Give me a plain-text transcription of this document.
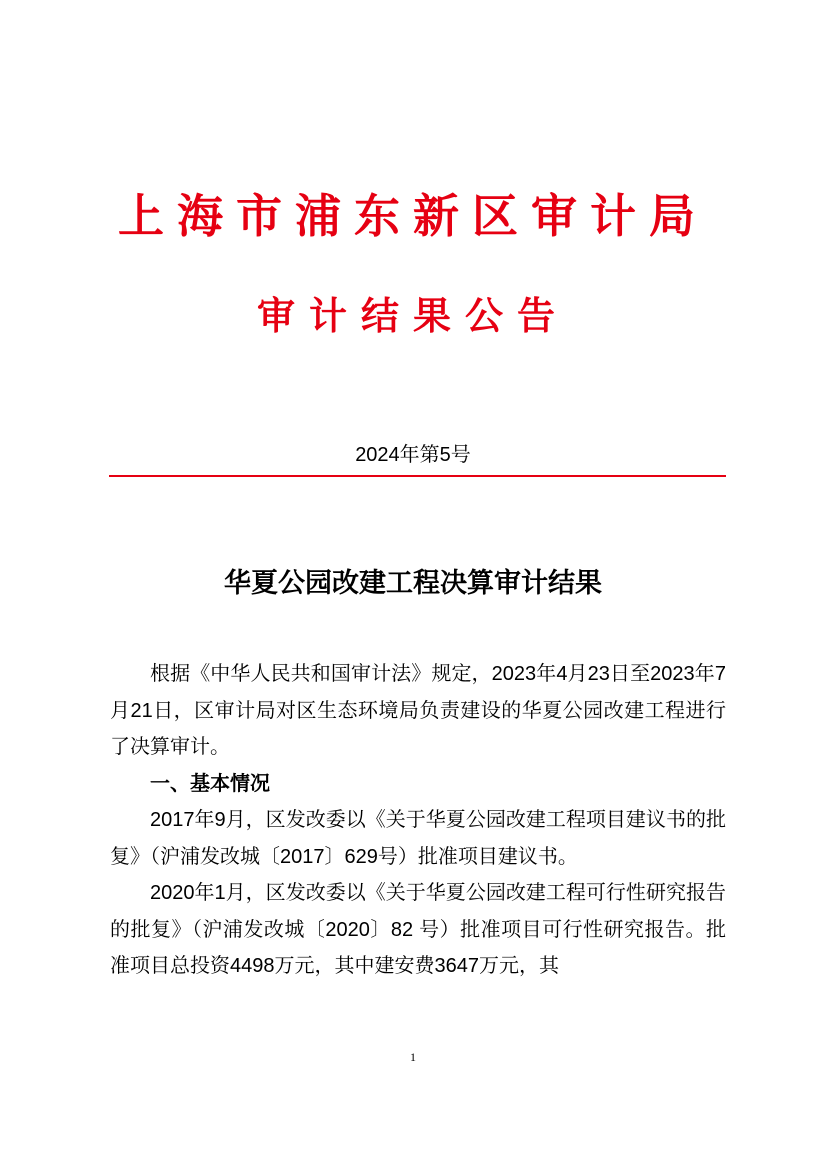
上海市浦东新区审计局
审计结果公告
2024年第5号
华夏公园改建工程决算审计结果

根据《中华人民共和国审计法》规定，2023年4月23日至2023年7月21日，区审计局对区生态环境局负责建设的华夏公园改建工程进行了决算审计。

一、基本情况

2017年9月，区发改委以《关于华夏公园改建工程项目建议书的批复》（沪浦发改城〔2017〕629号）批准项目建议书。

2020年1月，区发改委以《关于华夏公园改建工程可行性研究报告的批复》（沪浦发改城〔2020〕82 号）批准项目可行性研究报告。批准项目总投资4498万元，其中建安费3647万元，其

1
